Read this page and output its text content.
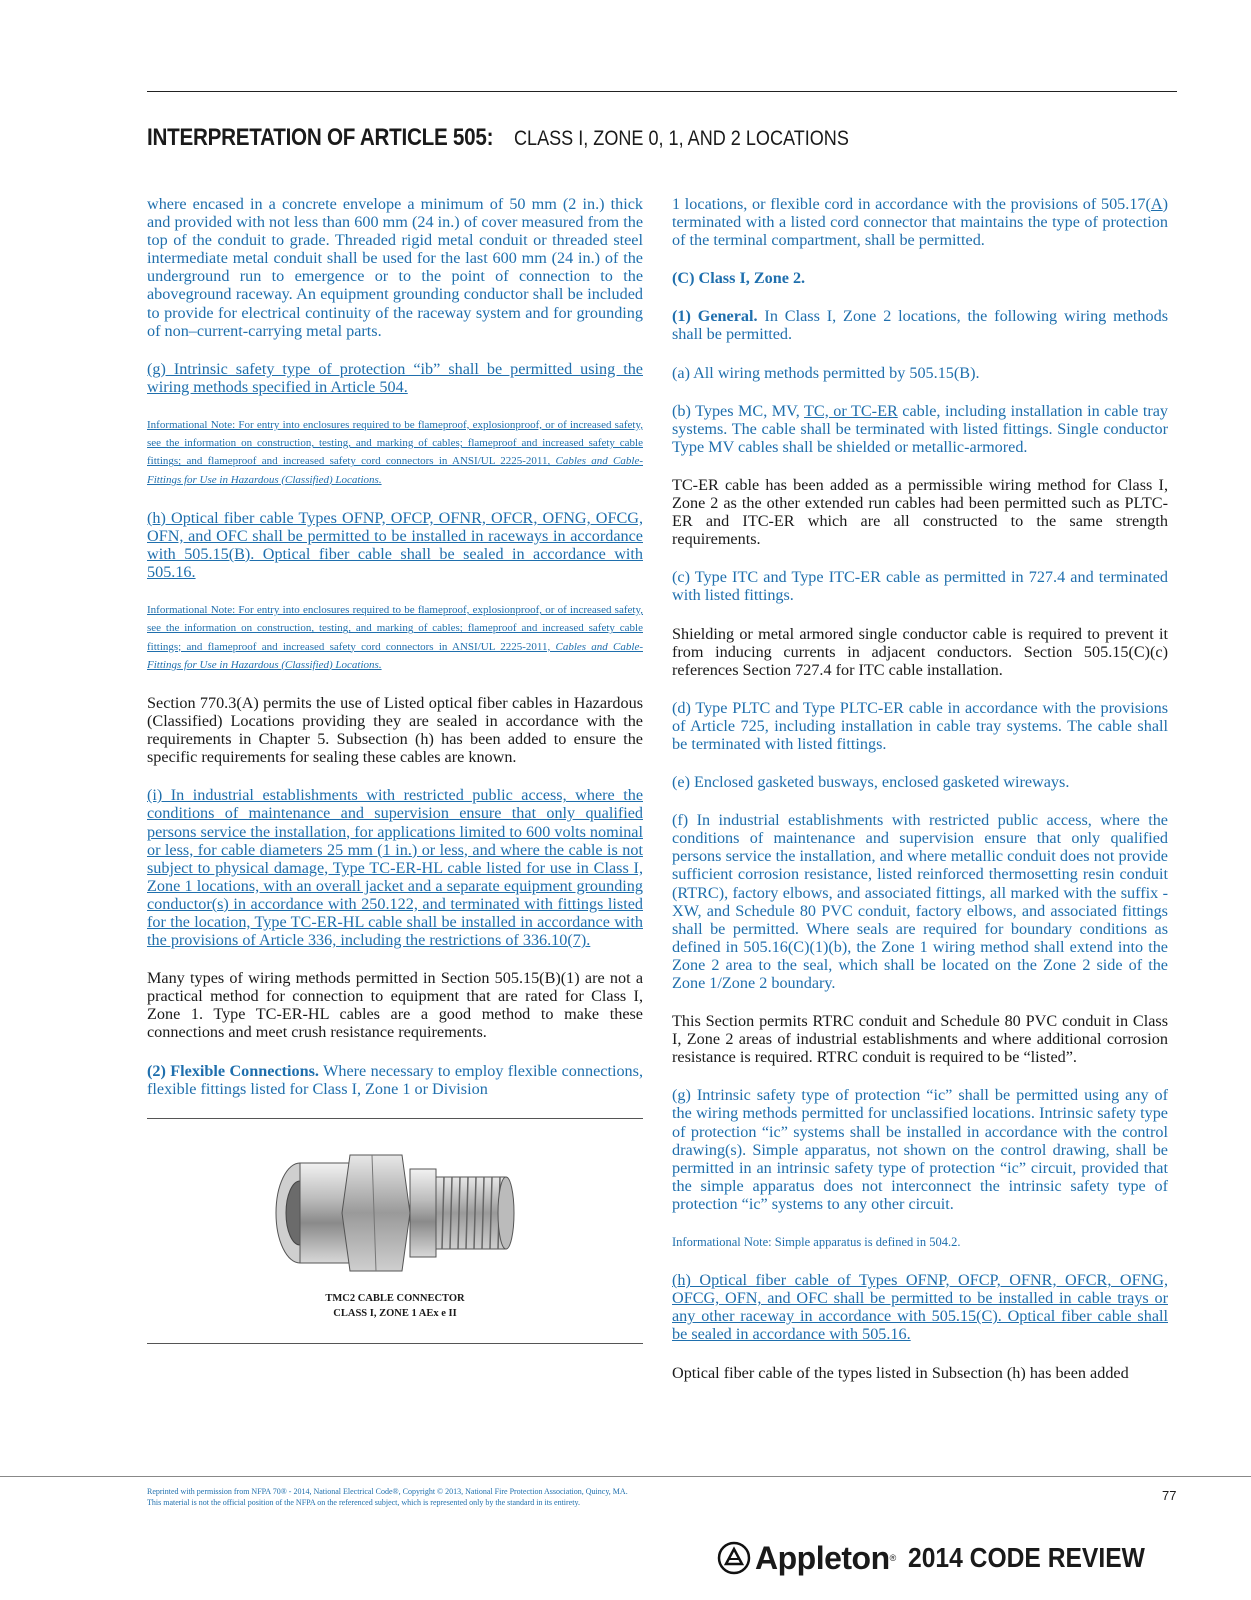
INTERPRETATION OF ARTICLE 505:CLASS I, ZONE 0, 1, AND 2 LOCATIONS

where encased in a concrete envelope a minimum of 50 mm (2 in.) thick and provided with not less than 600 mm (24 in.) of cover measured from the top of the conduit to grade. Threaded rigid metal conduit or threaded steel intermediate metal conduit shall be used for the last 600 mm (24 in.) of the underground run to emergence or to the point of connection to the aboveground raceway. An equipment grounding conductor shall be included to provide for electrical continuity of the raceway system and for grounding of non–current-carrying metal parts.

(g) Intrinsic safety type of protection “ib” shall be permitted using the wiring methods specified in Article 504.

Informational Note: For entry into enclosures required to be flameproof, explosionproof, or of increased safety, see the information on construction, testing, and marking of cables; flameproof and increased safety cable fittings; and flameproof and increased safety cord connectors in ANSI/UL 2225-2011, Cables and Cable-Fittings for Use in Hazardous (Classified) Locations.

(h) Optical fiber cable Types OFNP, OFCP, OFNR, OFCR, OFNG, OFCG, OFN, and OFC shall be permitted to be installed in raceways in accordance with 505.15(B). Optical fiber cable shall be sealed in accordance with 505.16.

Informational Note: For entry into enclosures required to be flameproof, explosionproof, or of increased safety, see the information on construction, testing, and marking of cables; flameproof and increased safety cable fittings; and flameproof and increased safety cord connectors in ANSI/UL 2225-2011, Cables and Cable-Fittings for Use in Hazardous (Classified) Locations.

Section 770.3(A) permits the use of Listed optical fiber cables in Hazardous (Classified) Locations providing they are sealed in accordance with the requirements in Chapter 5. Subsection (h) has been added to ensure the specific requirements for sealing these cables are known.

(i) In industrial establishments with restricted public access, where the conditions of maintenance and supervision ensure that only qualified persons service the installation, for applications limited to 600 volts nominal or less, for cable diameters 25 mm (1 in.) or less, and where the cable is not subject to physical damage, Type TC-ER-HL cable listed for use in Class I, Zone 1 locations, with an overall jacket and a separate equipment grounding conductor(s) in accordance with 250.122, and terminated with fittings listed for the location, Type TC-ER-HL cable shall be installed in accordance with the provisions of Article 336, including the restrictions of 336.10(7).

Many types of wiring methods permitted in Section 505.15(B)(1) are not a practical method for connection to equipment that are rated for Class I, Zone 1. Type TC-ER-HL cables are a good method to make these connections and meet crush resistance requirements.

(2) Flexible Connections. Where necessary to employ flexible connections, flexible fittings listed for Class I, Zone 1 or Division

TMC2 CABLE CONNECTOR
CLASS I, ZONE 1 AEx e II

1 locations, or flexible cord in accordance with the provisions of 505.17(A) terminated with a listed cord connector that maintains the type of protection of the terminal compartment, shall be permitted.

(C) Class I, Zone 2.

(1) General. In Class I, Zone 2 locations, the following wiring methods shall be permitted.

(a) All wiring methods permitted by 505.15(B).

(b) Types MC, MV, TC, or TC-ER cable, including installation in cable tray systems. The cable shall be terminated with listed fittings. Single conductor Type MV cables shall be shielded or metallic-armored.

TC-ER cable has been added as a permissible wiring method for Class I, Zone 2 as the other extended run cables had been permitted such as PLTC-ER and ITC-ER which are all constructed to the same strength requirements.

(c) Type ITC and Type ITC-ER cable as permitted in 727.4 and terminated with listed fittings.

Shielding or metal armored single conductor cable is required to prevent it from inducing currents in adjacent conductors. Section 505.15(C)(c) references Section 727.4 for ITC cable installation.

(d) Type PLTC and Type PLTC-ER cable in accordance with the provisions of Article 725, including installation in cable tray systems. The cable shall be terminated with listed fittings.

(e) Enclosed gasketed busways, enclosed gasketed wireways.

(f) In industrial establishments with restricted public access, where the conditions of maintenance and supervision ensure that only qualified persons service the installation, and where metallic conduit does not provide sufficient corrosion resistance, listed reinforced thermosetting resin conduit (RTRC), factory elbows, and associated fittings, all marked with the suffix -XW, and Schedule 80 PVC conduit, factory elbows, and associated fittings shall be permitted. Where seals are required for boundary conditions as defined in 505.16(C)(1)(b), the Zone 1 wiring method shall extend into the Zone 2 area to the seal, which shall be located on the Zone 2 side of the Zone 1/Zone 2 boundary.

This Section permits RTRC conduit and Schedule 80 PVC conduit in Class I, Zone 2 areas of industrial establishments and where additional corrosion resistance is required. RTRC conduit is required to be “listed”.

(g) Intrinsic safety type of protection “ic” shall be permitted using any of the wiring methods permitted for unclassified locations. Intrinsic safety type of protection “ic” systems shall be installed in accordance with the control drawing(s). Simple apparatus, not shown on the control drawing, shall be permitted in an intrinsic safety type of protection “ic” circuit, provided that the simple apparatus does not interconnect the intrinsic safety type of protection “ic” systems to any other circuit.

Informational Note: Simple apparatus is defined in 504.2.

(h) Optical fiber cable of Types OFNP, OFCP, OFNR, OFCR, OFNG, OFCG, OFN, and OFC shall be permitted to be installed in cable trays or any other raceway in accordance with 505.15(C). Optical fiber cable shall be sealed in accordance with 505.16.

Optical fiber cable of the types listed in Subsection (h) has been added

Reprinted with permission from NFPA 70® - 2014, National Electrical Code®, Copyright © 2013, National Fire Protection Association, Quincy, MA.
This material is not the official position of the NFPA on the referenced subject, which is represented only by the standard in its entirety.	77
Appleton ® 2014 CODE REVIEW
